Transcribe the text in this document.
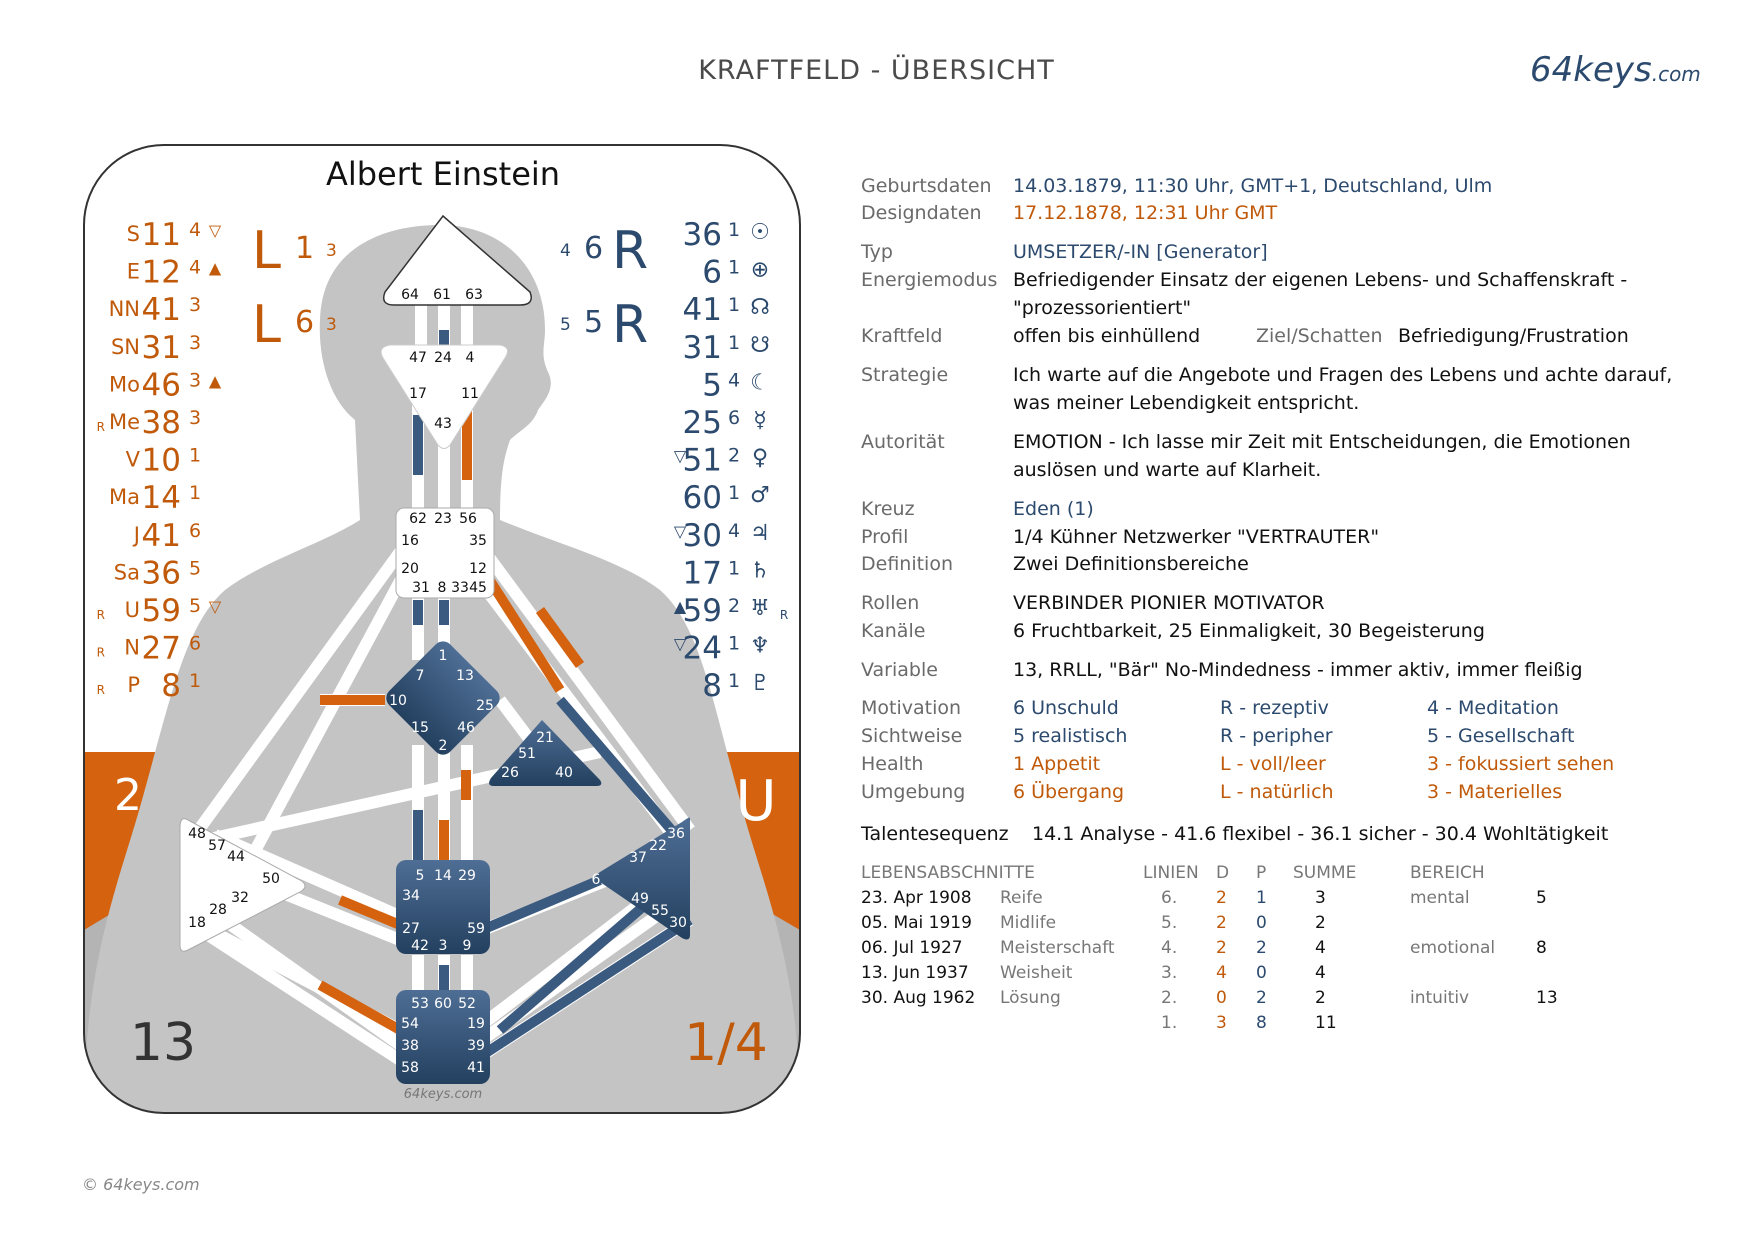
KRAFTFELD - ÜBERSICHT	64keys.com
64 61 63
47 24 4
17 11
43
62 23 56
16	35
20	12
31 8 33 45
1
7 13
10	25
15 46
2	21
51
26	40
48
57
44
50
32
28
18
5 14 29
34
27	59
42 3 9
36
22
37
6
49
55
30
53 60 52
54	19
38	39
58	41
64keys.com
Albert Einstein
L 1 3
L 6 3
4 6 R
5 5 R
2	U
13	1/4
S 11 4 ▽
E 12 4 ▲
NN 41 3
SN 31 3
Mo 46 3 ▲
R Me 38 3
V 10 1
Ma 14 1
J 41 6
Sa 36 5
R U 59 5 ▽
R N 27 6
R P 8 1
36 1 ☉
6 1 ⊕
41 1 ☊
31 1 ☋
5 4 ☾
25 6 ☿
▽
51 2 ♀
60 1 ♂
▽
30 4 ♃
17 1 ♄
▲
59 2 ♅ R
▽
24 1 ♆
8 1 ♇
Geburtsdaten 14.03.1879, 11:30 Uhr, GMT+1, Deutschland, Ulm
Designdaten 17.12.1878, 12:31 Uhr GMT
Typ	UMSETZER/-IN [Generator]
Energiemodus Befriedigender Einsatz der eigenen Lebens- und Schaffenskraft -
"prozessorientiert"
Kraftfeld	offen bis einhüllend	Ziel/Schatten Befriedigung/Frustration
Strategie	Ich warte auf die Angebote und Fragen des Lebens und achte darauf,
was meiner Lebendigkeit entspricht.
Autorität	EMOTION - Ich lasse mir Zeit mit Entscheidungen, die Emotionen
auslösen und warte auf Klarheit.
Kreuz	Eden (1)
Profil	1/4 Kühner Netzwerker "VERTRAUTER"
Definition	Zwei Definitionsbereiche
Rollen	VERBINDER PIONIER MOTIVATOR
Kanäle	6 Fruchtbarkeit, 25 Einmaligkeit, 30 Begeisterung
Variable	13, RRLL, "Bär" No-Mindedness - immer aktiv, immer fleißig
Motivation	6 Unschuld	R - rezeptiv	4 - Meditation
Sichtweise	5 realistisch	R - peripher	5 - Gesellschaft
Health	1 Appetit	L - voll/leer	3 - fokussiert sehen
Umgebung	6 Übergang	L - natürlich	3 - Materielles
Talentesequenz 14.1 Analyse - 41.6 flexibel - 36.1 sicher - 30.4 Wohltätigkeit
LEBENSABSCHNITTE	LINIEN D P SUMME	BEREICH
23. Apr 1908 Reife	6. 2 1	3	mental	5
05. Mai 1919 Midlife	5. 2 0	2
06. Jul 1927 Meisterschaft	4. 2 2	4	emotional 8
13. Jun 1937 Weisheit	3. 4 0	4
30. Aug 1962 Lösung	2. 0 2	2	intuitiv	13
1. 3 8	11
© 64keys.com
